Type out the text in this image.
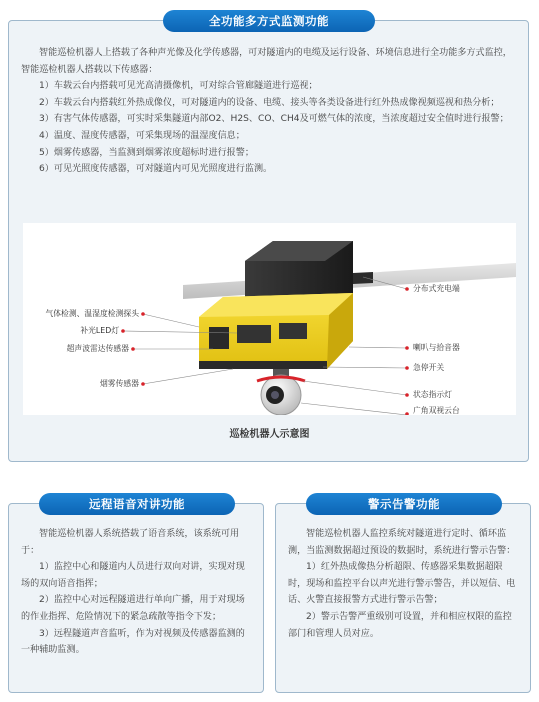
全功能多方式监测功能

智能巡检机器人上搭载了各种声光像及化学传感器，可对隧道内的电缆及运行设备、环境信息进行全功能多方式监控，智能巡检机器人搭载以下传感器：

1）车载云台内搭载可见光高清摄像机，可对综合管廊隧道进行巡视；

2）车载云台内搭载红外热成像仪，可对隧道内的设备、电缆、接头等各类设备进行红外热成像视频巡视和热分析；

3）有害气体传感器，可实时采集隧道内部O2、H2S、CO、CH4及可燃气体的浓度，当浓度超过安全值时进行报警；

4）温度、湿度传感器，可采集现场的温湿度信息；

5）烟雾传感器，当监测到烟雾浓度超标时进行报警；

6）可见光照度传感器，可对隧道内可见光照度进行监测。

气体检测、温湿度检测探头
补光LED灯
超声波雷达传感器
烟雾传感器
分布式充电端
喇叭与拾音器
急停开关
状态指示灯
广角双视云台
巡检机器人示意图
远程语音对讲功能

智能巡检机器人系统搭载了语音系统，该系统可用于：

1）监控中心和隧道内人员进行双向对讲，实现对现场的双向语音指挥；

2）监控中心对远程隧道进行单向广播，用于对现场的作业指挥、危险情况下的紧急疏散等指令下发；

3）远程隧道声音监听，作为对视频及传感器监测的一种辅助监测。

警示告警功能

智能巡检机器人监控系统对隧道进行定时、循环监测，当监测数据超过预设的数据时，系统进行警示告警：

1）红外热成像热分析超限、传感器采集数据超限时，现场和监控平台以声光进行警示警告，并以短信、电话、火警直接报警方式进行警示告警；

2）警示告警严重级别可设置，并和相应权限的监控部门和管理人员对应。
